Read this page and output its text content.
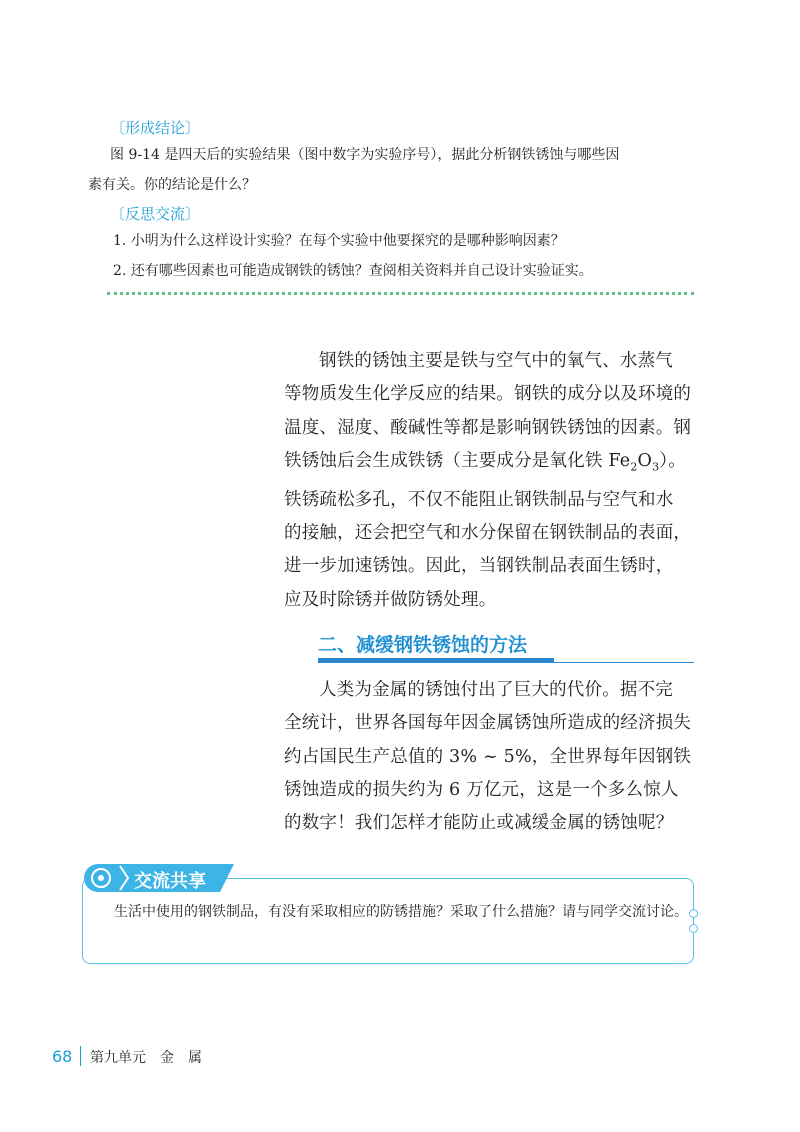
〔形成结论〕
图 9-14 是四天后的实验结果（图中数字为实验序号），据此分析钢铁锈蚀与哪些因
素有关。你的结论是什么？
〔反思交流〕
1. 小明为什么这样设计实验？在每个实验中他要探究的是哪种影响因素？
2. 还有哪些因素也可能造成钢铁的锈蚀？查阅相关资料并自己设计实验证实。
钢铁的锈蚀主要是铁与空气中的氧气、水蒸气
等物质发生化学反应的结果。钢铁的成分以及环境的
温度、湿度、酸碱性等都是影响钢铁锈蚀的因素。钢
铁锈蚀后会生成铁锈（主要成分是氧化铁 $Fe_2O_3$）。
铁锈疏松多孔，不仅不能阻止钢铁制品与空气和水
的接触，还会把空气和水分保留在钢铁制品的表面，
进一步加速锈蚀。因此，当钢铁制品表面生锈时，
应及时除锈并做防锈处理。
二、减缓钢铁锈蚀的方法
人类为金属的锈蚀付出了巨大的代价。据不完
全统计，世界各国每年因金属锈蚀所造成的经济损失
约占国民生产总值的 3% ~ 5%，全世界每年因钢铁
锈蚀造成的损失约为 6 万亿元，这是一个多么惊人
的数字！我们怎样才能防止或减缓金属的锈蚀呢？
交流共享
生活中使用的钢铁制品，有没有采取相应的防锈措施？采取了什么措施？请与同学交流讨论。
68 第九单元　金　属
